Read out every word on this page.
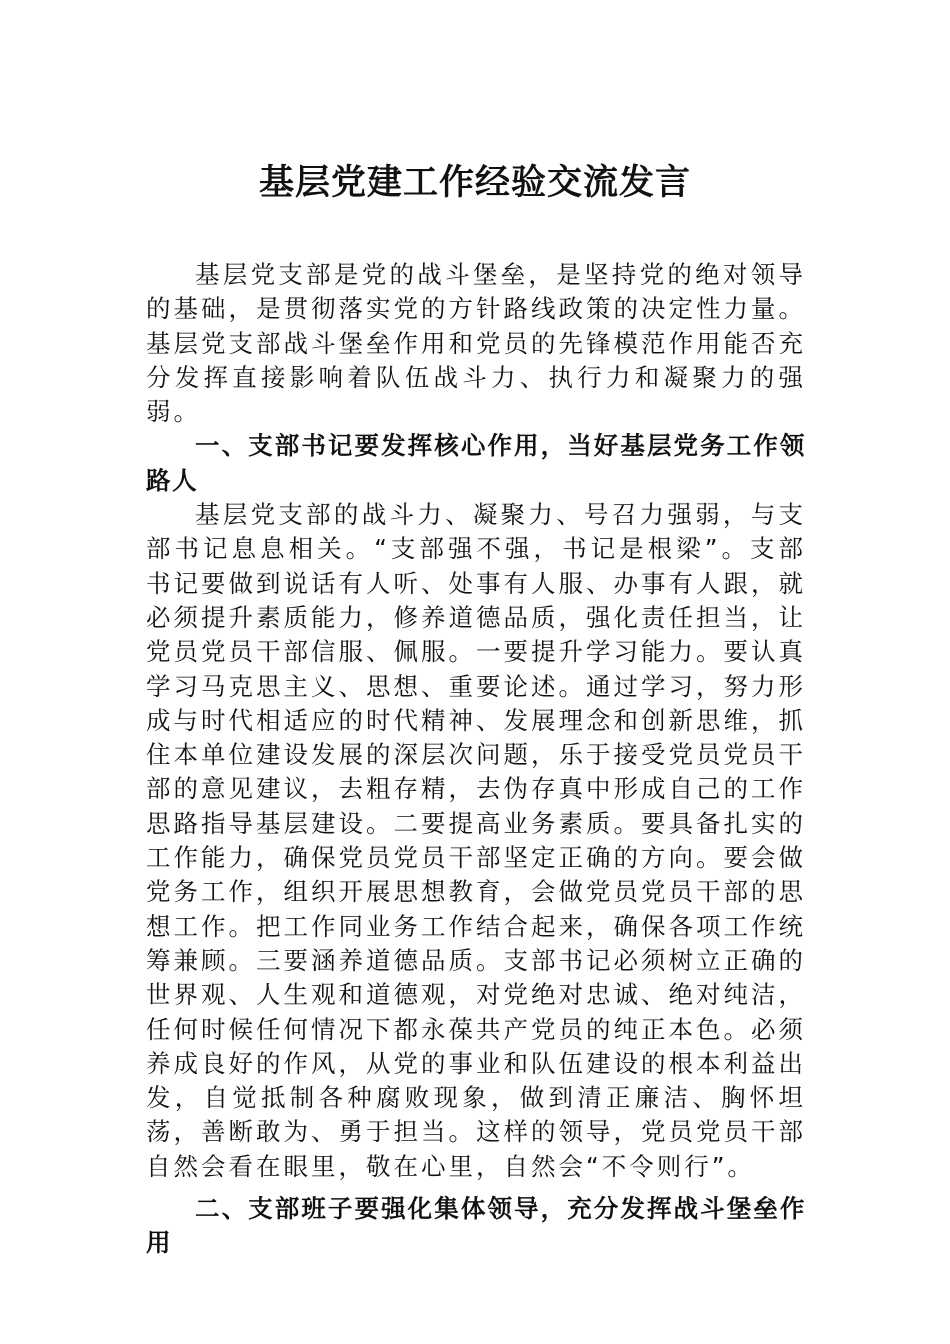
基层党建工作经验交流发言

基层党支部是党的战斗堡垒，是坚持党的绝对领导的基础，是贯彻落实党的方针路线政策的决定性力量。基层党支部战斗堡垒作用和党员的先锋模范作用能否充分发挥直接影响着队伍战斗力、执行力和凝聚力的强弱。

一、支部书记要发挥核心作用，当好基层党务工作领路人

基层党支部的战斗力、凝聚力、号召力强弱，与支部书记息息相关。“支部强不强，书记是根梁”。支部书记要做到说话有人听、处事有人服、办事有人跟，就必须提升素质能力，修养道德品质，强化责任担当，让党员党员干部信服、佩服。一要提升学习能力。要认真学习马克思主义、思想、重要论述。通过学习，努力形成与时代相适应的时代精神、发展理念和创新思维，抓住本单位建设发展的深层次问题，乐于接受党员党员干部的意见建议，去粗存精，去伪存真中形成自己的工作思路指导基层建设。二要提高业务素质。要具备扎实的工作能力，确保党员党员干部坚定正确的方向。要会做党务工作，组织开展思想教育，会做党员党员干部的思想工作。把工作同业务工作结合起来，确保各项工作统筹兼顾。三要涵养道德品质。支部书记必须树立正确的世界观、人生观和道德观，对党绝对忠诚、绝对纯洁，任何时候任何情况下都永葆共产党员的纯正本色。必须养成良好的作风，从党的事业和队伍建设的根本利益出发，自觉抵制各种腐败现象，做到清正廉洁、胸怀坦荡，善断敢为、勇于担当。这样的领导，党员党员干部自然会看在眼里，敬在心里，自然会“不令则行”。

二、支部班子要强化集体领导，充分发挥战斗堡垒作用
